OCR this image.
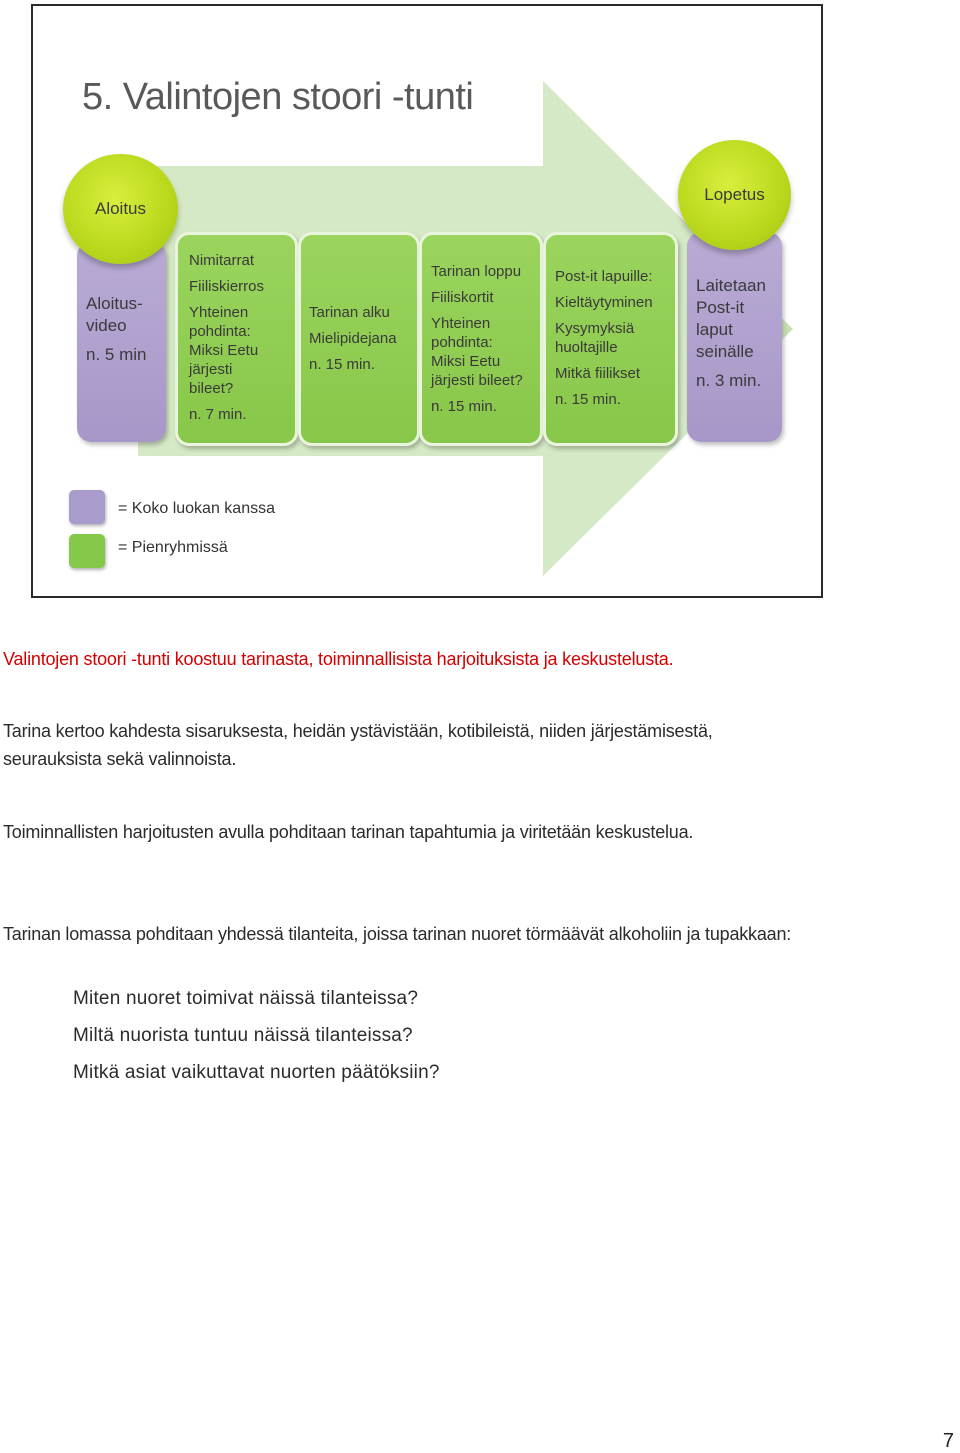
5. Valintojen stoori -tunti
Aloitus-
video
n. 5 min
Nimitarrat
Fiiliskierros
Yhteinen
pohdinta:
Miksi Eetu
järjesti
bileet?
n. 7 min.
Tarinan alku
Mielipidejana
n. 15 min.
Tarinan loppu
Fiiliskortit
Yhteinen
pohdinta:
Miksi Eetu
järjesti bileet?
n. 15 min.
Post-it lapuille:
Kieltäytyminen
Kysymyksiä
huoltajille
Mitkä fiilikset
n. 15 min.
Laitetaan
Post-it
laput
seinälle
n. 3 min.
Aloitus
Lopetus
= Koko luokan kanssa
= Pienryhmissä
Valintojen stoori -tunti koostuu tarinasta, toiminnallisista harjoituksista ja keskustelusta.
Tarina kertoo kahdesta sisaruksesta, heidän ystävistään, kotibileistä, niiden järjestämisestä, seurauksista sekä valinnoista.
Toiminnallisten harjoitusten avulla pohditaan tarinan tapahtumia ja viritetään keskustelua.
Tarinan lomassa pohditaan yhdessä tilanteita, joissa tarinan nuoret törmäävät alkoholiin ja tupakkaan:
Miten nuoret toimivat näissä tilanteissa?
Miltä nuorista tuntuu näissä tilanteissa?
Mitkä asiat vaikuttavat nuorten päätöksiin?
7
